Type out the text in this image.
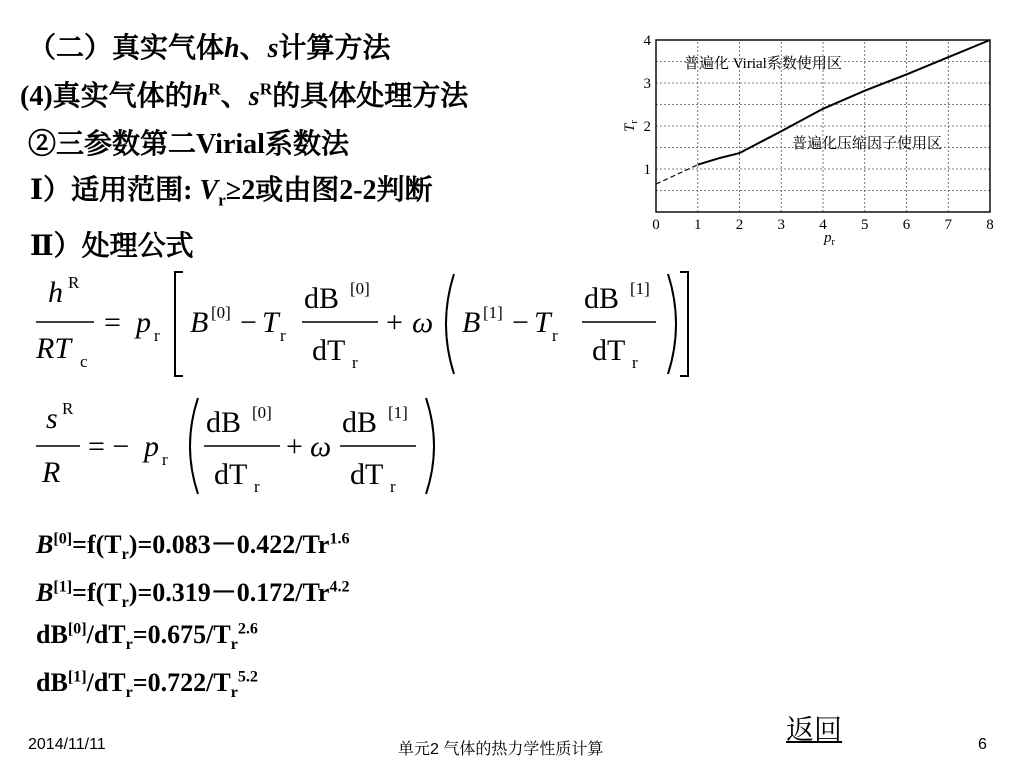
（二）真实气体h、s计算方法
(4)真实气体的$h^R$、$s^R$的具体处理方法
②三参数第二Virial系数法
Ⅰ）适用范围: $V_r\ge 2$或由图2-2判断
Ⅱ）处理公式
0 1 2 3 4 5 6 7 8
1
2
3
4
普遍化 Virial系数使用区
普遍化压缩因子使用区
$p_r$
$T_r$
h R
RT c
= p r B [0] − T r
dB [0]
dT r
+ ω B [1] − T r
dB [1]
dT r
s R
R
= − p r
dB [0]
dT r
+ ω
dB [1]
dT r
$B[0]=f(T_r)=0.083-0.422/Tr^{1.6}$
$B[1]=f(T_r)=0.319-0.172/Tr^{4.2}$
$dB[0]/dT_r=0.675/T_r^{2.6}$
$dB[1]/dT_r=0.722/T_r^{5.2}$
返回
2014/11/11	单元2 气体的热力学性质计算	6
